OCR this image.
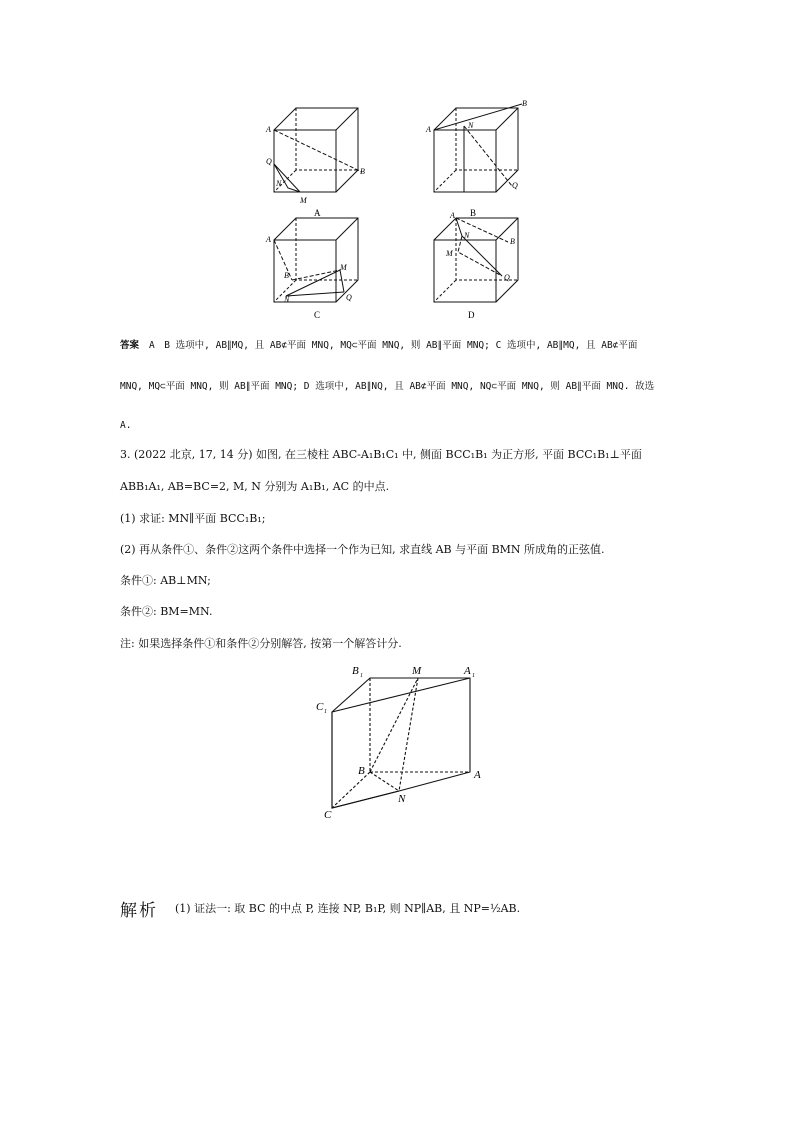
A
B
Q
N
M
A
A
B
N
Q
B
A
B
M
N	Q
C
A
N
M
B
Q
D
答案 A　B 选项中, AB∥MQ, 且 AB⊄平面 MNQ, MQ⊂平面 MNQ, 则 AB∥平面 MNQ; C 选项中, AB∥MQ, 且 AB⊄平面
MNQ, MQ⊂平面 MNQ, 则 AB∥平面 MNQ; D 选项中, AB∥NQ, 且 AB⊄平面 MNQ, NQ⊂平面 MNQ, 则 AB∥平面 MNQ. 故选
A.
3. (2022 北京, 17, 14 分) 如图, 在三棱柱 ABC-A₁B₁C₁ 中, 侧面 BCC₁B₁ 为正方形, 平面 BCC₁B₁⊥平面
ABB₁A₁, AB=BC=2, M, N 分别为 A₁B₁, AC 的中点.
(1) 求证: MN∥平面 BCC₁B₁;
(2) 再从条件①、条件②这两个条件中选择一个作为已知, 求直线 AB 与平面 BMN 所成角的正弦值.
条件①: AB⊥MN;
条件②: BM=MN.
注: 如果选择条件①和条件②分别解答, 按第一个解答计分.
B 1	M	A 1
C 1
B	A
N
C
解析 (1) 证法一: 取 BC 的中点 P, 连接 NP, B₁P, 则 NP∥AB, 且 NP=½AB.
